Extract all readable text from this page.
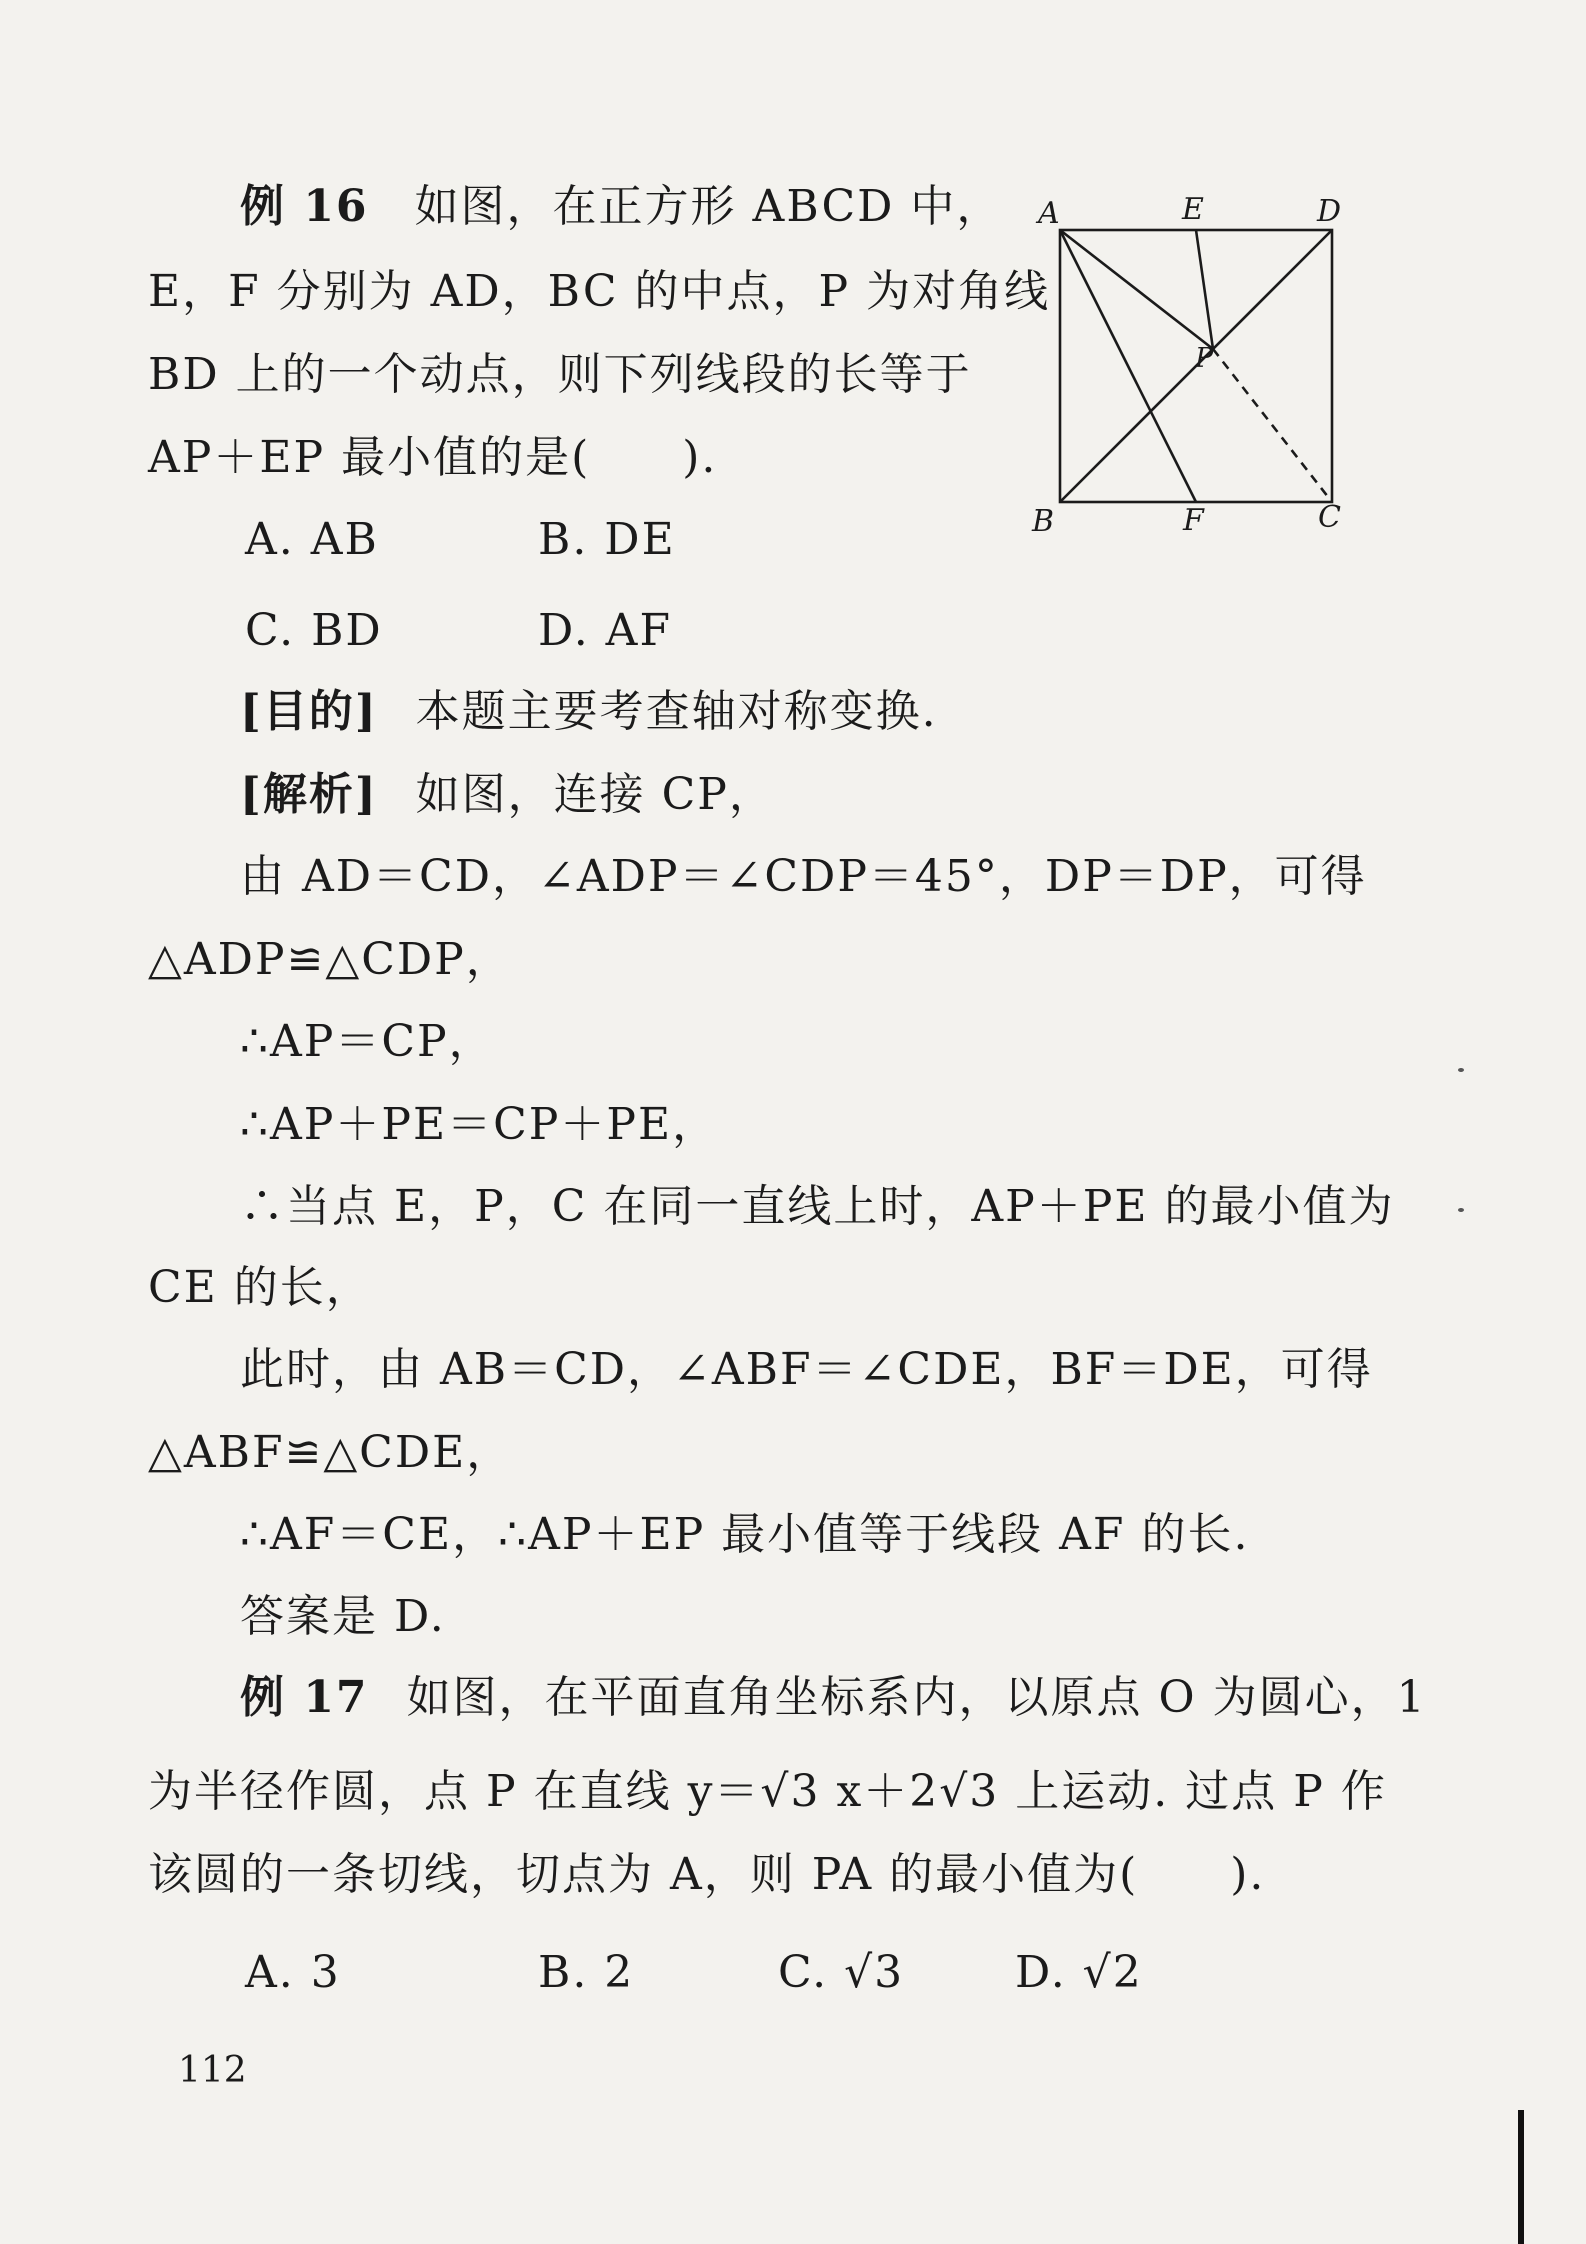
例 16 如图，在正方形 ABCD 中，
E，F 分别为 AD，BC 的中点，P 为对角线
BD 上的一个动点，则下列线段的长等于
AP＋EP 最小值的是(　　).
A. AB	B. DE
C. BD	D. AF
A	E	D
P
B	F	C
[目的] 本题主要考查轴对称变换.
[解析] 如图，连接 CP，
由 AD＝CD，∠ADP＝∠CDP＝45°，DP＝DP，可得
△ADP≌△CDP，
∴AP＝CP，
∴AP＋PE＝CP＋PE，
∴当点 E，P，C 在同一直线上时，AP＋PE 的最小值为
CE 的长，
此时，由 AB＝CD，∠ABF＝∠CDE，BF＝DE，可得
△ABF≌△CDE，
∴AF＝CE，∴AP＋EP 最小值等于线段 AF 的长.
答案是 D.
例 17 如图，在平面直角坐标系内，以原点 O 为圆心，1
为半径作圆，点 P 在直线 y＝√3 x＋2√3 上运动. 过点 P 作
该圆的一条切线，切点为 A，则 PA 的最小值为(　　).
A. 3	B. 2	C. √3	D. √2
112
